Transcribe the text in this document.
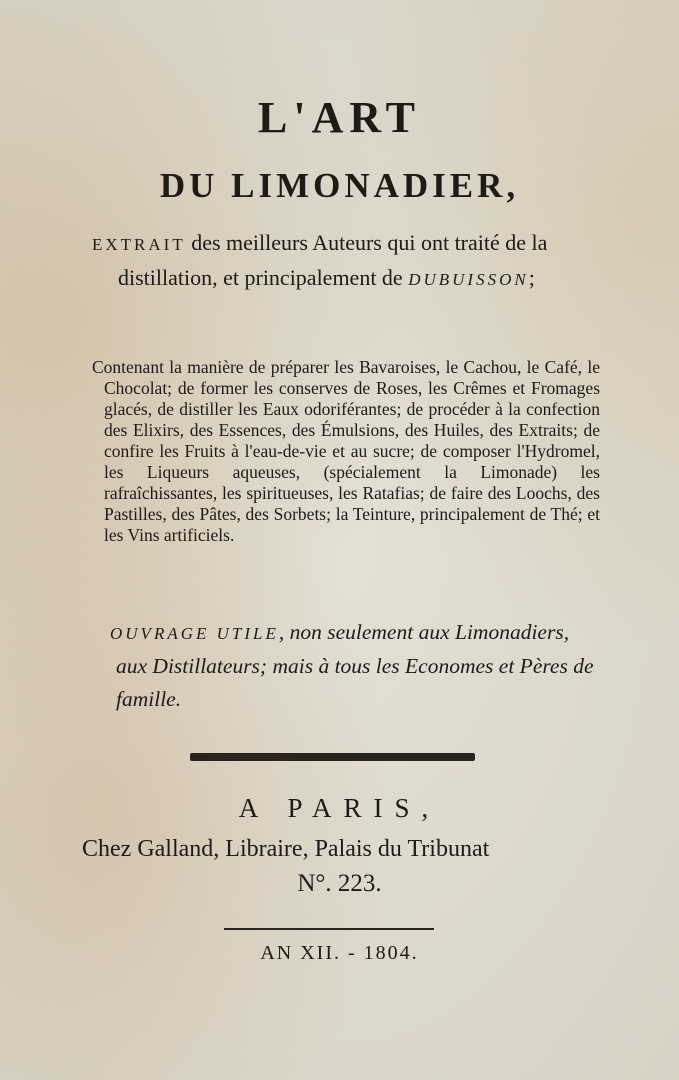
L'ART
DU LIMONADIER,

EXTRAIT des meilleurs Auteurs qui ont traité de la distillation, et principalement de DUBUISSON;

Contenant la manière de préparer les Bavaroises, le Cachou, le Café, le Chocolat; de former les conserves de Roses, les Crêmes et Fromages glacés, de distiller les Eaux odoriférantes; de procéder à la confection des Elixirs, des Essences, des Émulsions, des Huiles, des Extraits; de confire les Fruits à l'eau-de-vie et au sucre; de composer l'Hydromel, les Liqueurs aqueuses, (spécialement la Limonade) les rafraîchissantes, les spiritueuses, les Ratafias; de faire des Loochs, des Pastilles, des Pâtes, des Sorbets; la Teinture, principalement de Thé; et les Vins artificiels.

OUVRAGE UTILE, non seulement aux Limonadiers, aux Distillateurs; mais à tous les Economes et Pères de famille.

A PARIS,

Chez Galland, Libraire, Palais du Tribunat

N°. 223.

AN XII. - 1804.
